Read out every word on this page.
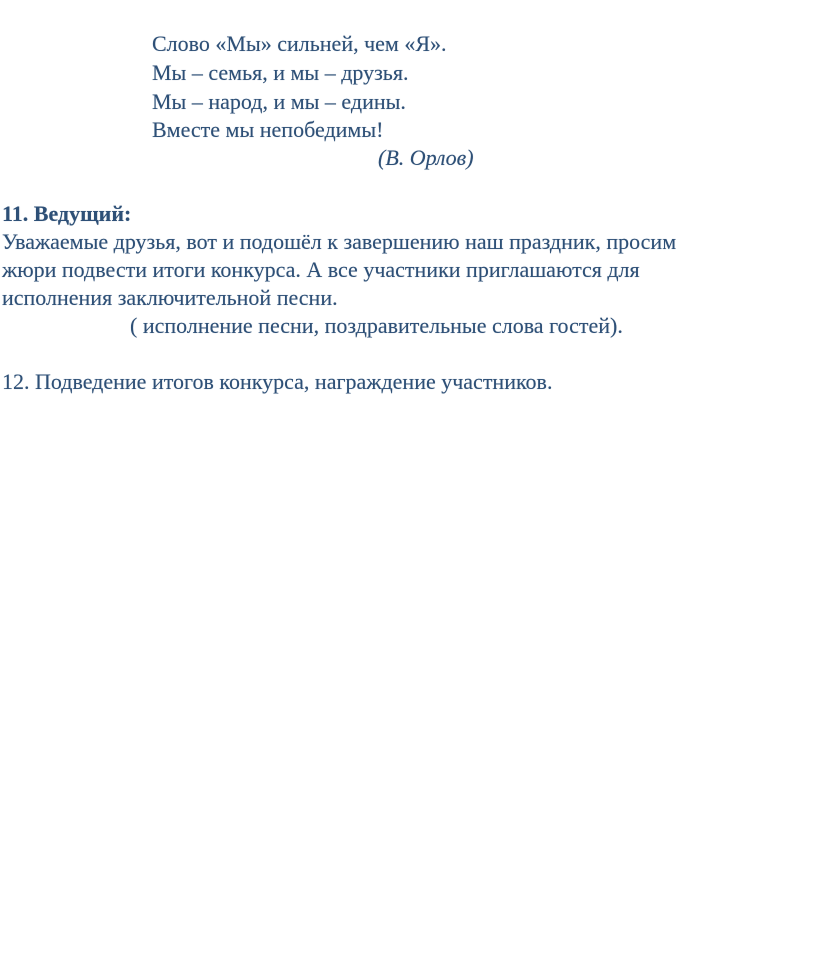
Слово «Мы» сильней, чем «Я».
Мы – семья, и мы – друзья.
Мы – народ, и мы – едины.
Вместе мы непобедимы!
(В. Орлов)
11. Ведущий:
Уважаемые друзья, вот и подошёл к завершению наш праздник, просим
жюри подвести итоги конкурса. А все участники приглашаются для
исполнения заключительной песни.
( исполнение песни, поздравительные слова гостей).
12. Подведение итогов конкурса, награждение участников.
